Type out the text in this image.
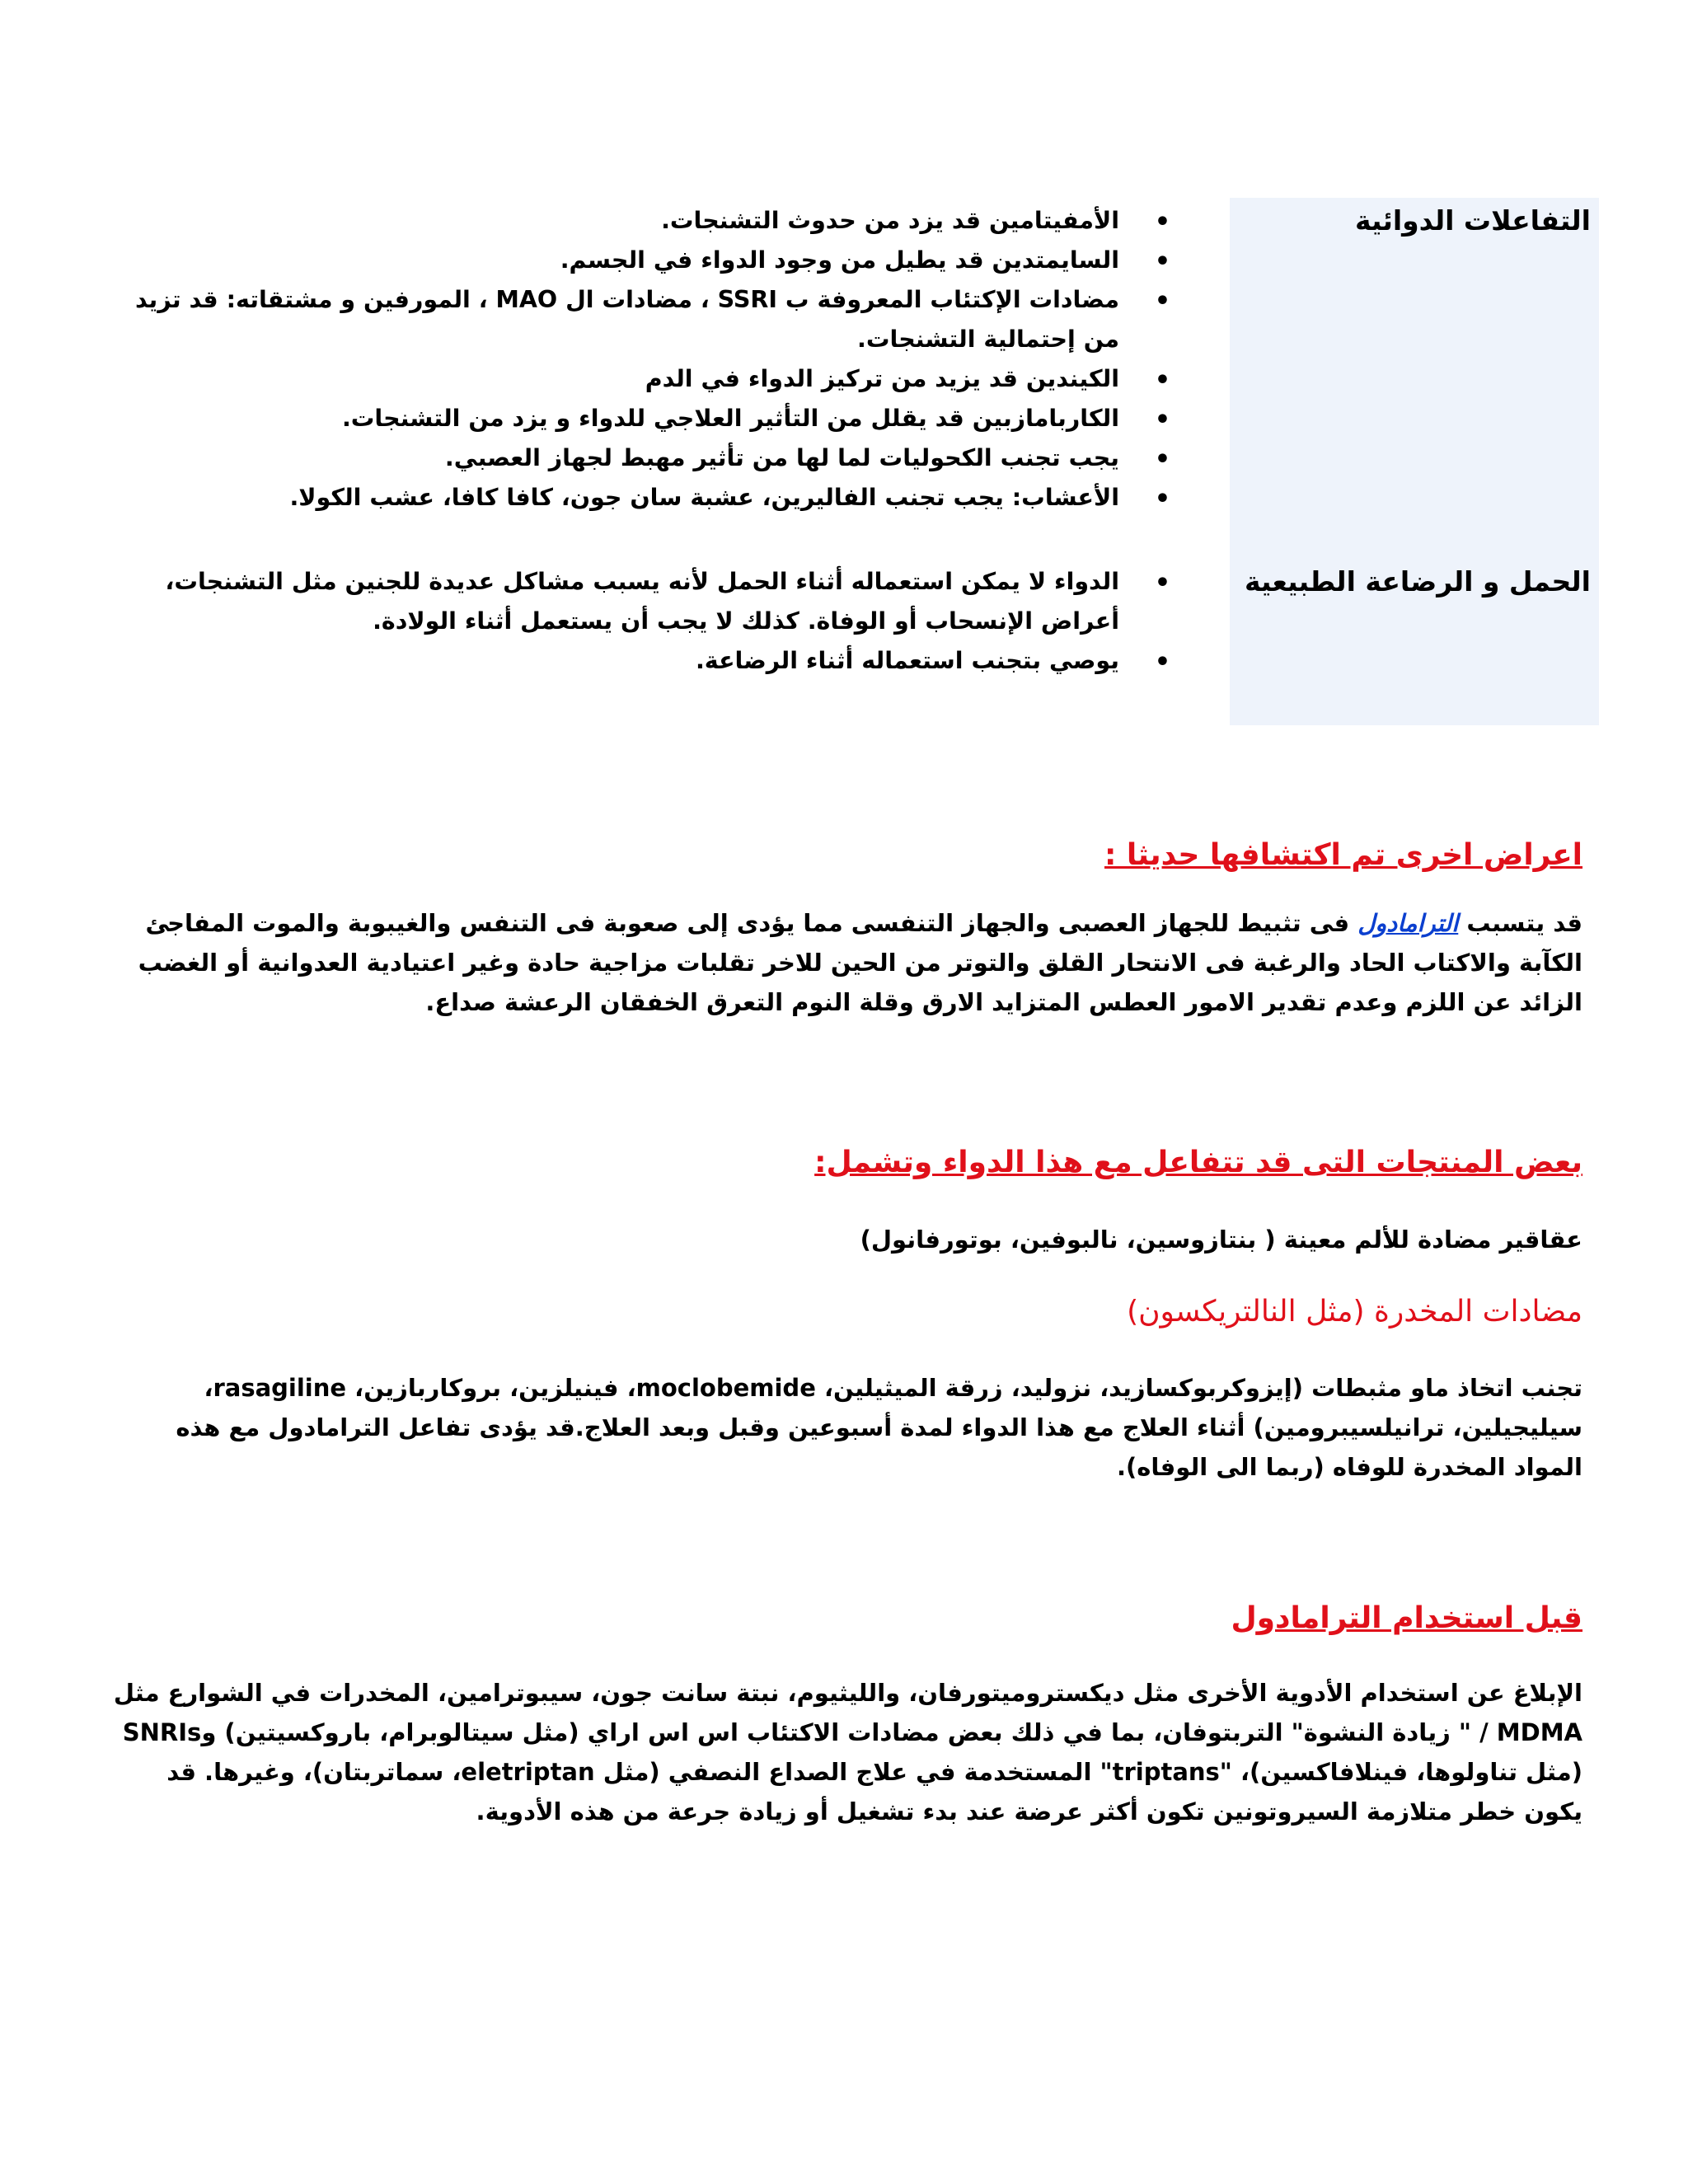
التفاعلات الدوائية
• الأمفيتامين قد يزد من حدوث التشنجات.
• السايمتدين قد يطيل من وجود الدواء في الجسم.
• مضادات الإكتئاب المعروفة ب SSRI ، مضادات ال MAO ، المورفين و مشتقاته: قد تزيد من إحتمالية التشنجات.
• الكيندين قد يزيد من تركيز الدواء في الدم
• الكاربامازبين قد يقلل من التأثير العلاجي للدواء و يزد من التشنجات.
• يجب تجنب الكحوليات لما لها من تأثير مهبط لجهاز العصبي.
• الأعشاب: يجب تجنب الفاليرين، عشبة سان جون، كافا كافا، عشب الكولا.
الحمل و الرضاعة الطبيعية
• الدواء لا يمكن استعماله أثناء الحمل لأنه يسبب مشاكل عديدة للجنين مثل التشنجات، أعراض الإنسحاب أو الوفاة. كذلك لا يجب أن يستعمل أثناء الولادة.
• يوصي بتجنب استعماله أثناء الرضاعة.
اعراض اخرى تم اكتشافها حديثا :

قد يتسبب الترامادول فى تثبيط للجهاز العصبى والجهاز التنفسى مما يؤدى إلى صعوبة فى التنفس والغيبوبة والموت المفاجئ الكآبة والاكتاب الحاد والرغبة فى الانتحار القلق والتوتر من الحين للاخر تقلبات مزاجية حادة وغير اعتيادية العدوانية أو الغضب الزائد عن اللزم وعدم تقدير الامور العطس المتزايد الارق وقلة النوم التعرق الخفقان الرعشة صداع.

بعض المنتجات التى قد تتفاعل مع هذا الدواء وتشمل:

عقاقير مضادة للألم معينة ( بنتازوسين، نالبوفين، بوتورفانول)

مضادات المخدرة (مثل النالتريكسون)

تجنب اتخاذ ماو مثبطات (إيزوكربوكسازيد، نزوليد، زرقة الميثيلين، moclobemide، فينيلزين، بروكاربازين، rasagiline، سيليجيلين، ترانيلسيبرومين) أثناء العلاج مع هذا الدواء لمدة أسبوعين وقبل وبعد العلاج.قد يؤدى تفاعل الترامادول مع هذه المواد المخدرة للوفاه (ربما الى الوفاه).

قبل استخدام الترامادول

الإبلاغ عن استخدام الأدوية الأخرى مثل ديكستروميتورفان، والليثيوم، نبتة سانت جون، سيبوترامين، المخدرات في الشوارع مثل MDMA / " زيادة النشوة" التربتوفان، بما في ذلك بعض مضادات الاكتئاب اس اس اراي (مثل سيتالوبرام، باروكسيتين) وSNRIs (مثل تناولوها، فينلافاكسين)، "triptans" المستخدمة في علاج الصداع النصفي (مثل eletriptan، سماتربتان)، وغيرها. قد يكون خطر متلازمة السيروتونين تكون أكثر عرضة عند بدء تشغيل أو زيادة جرعة من هذه الأدوية.
